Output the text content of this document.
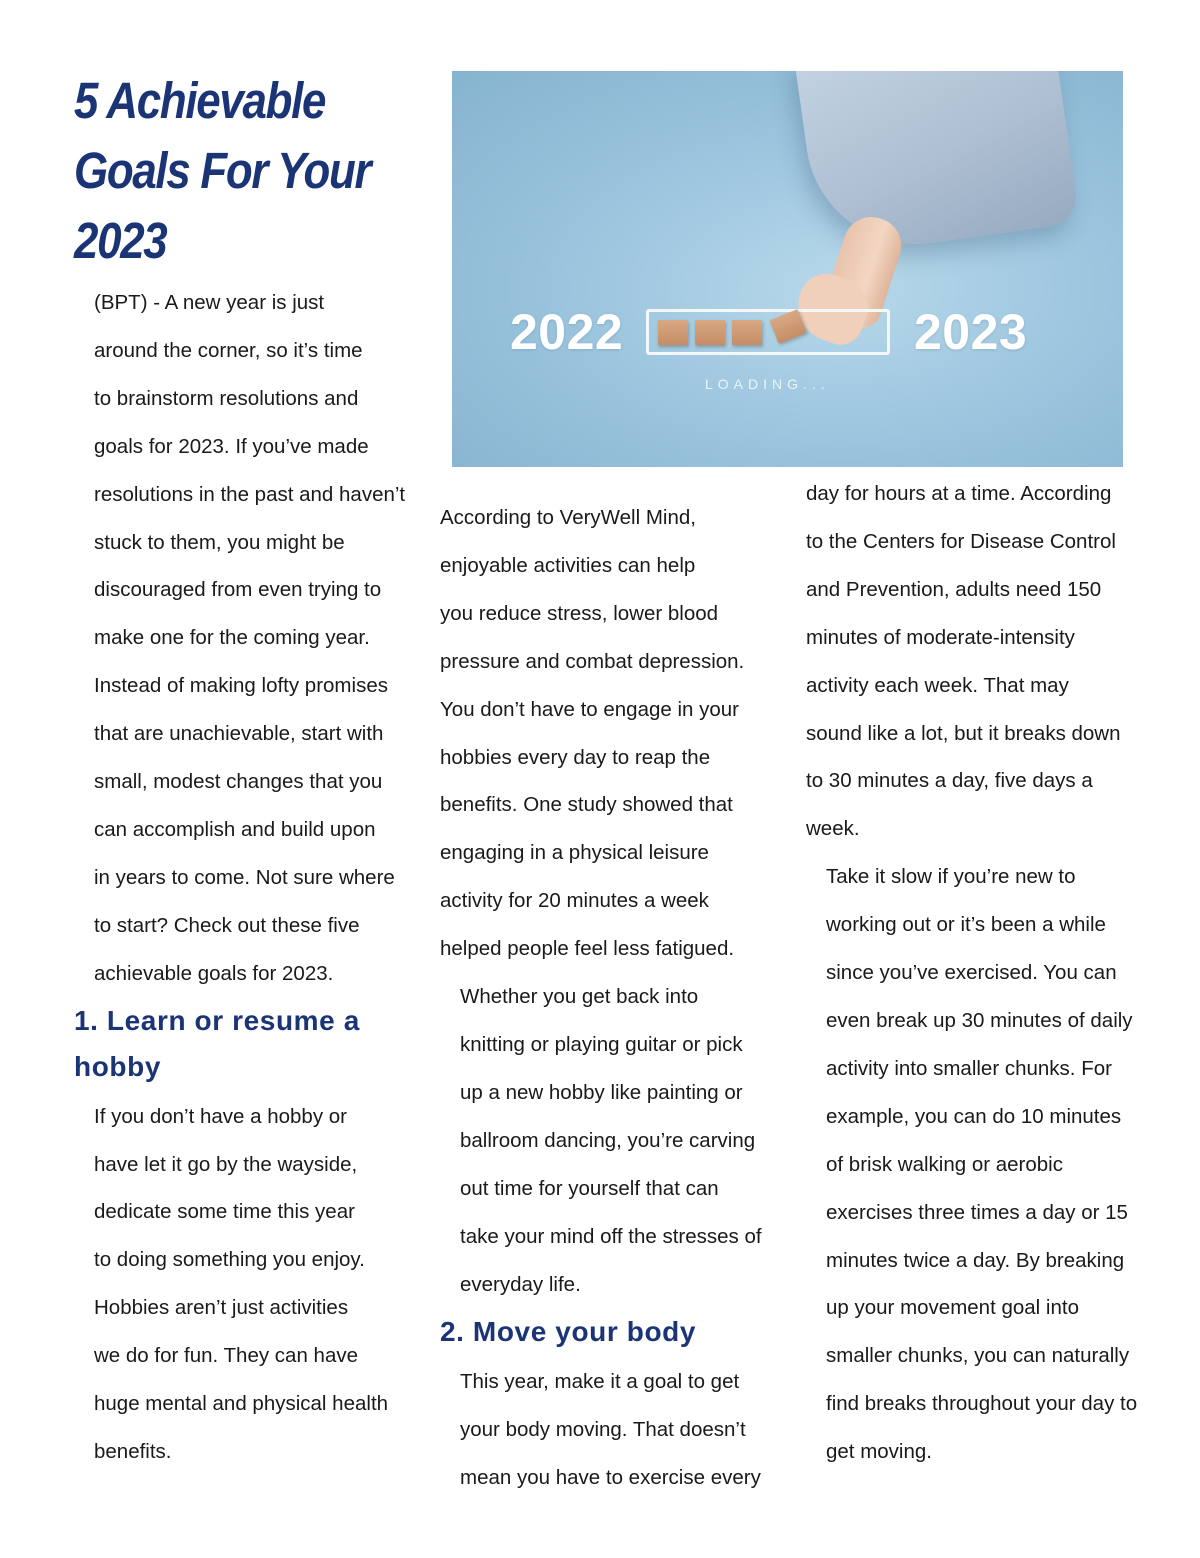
5 Achievable
Goals For Your
2023
2022	2023
LOADING...

(BPT) - A new year is just
around the corner, so it’s time
to brainstorm resolutions and
goals for 2023. If you’ve made
resolutions in the past and haven’t
stuck to them, you might be
discouraged from even trying to
make one for the coming year.

Instead of making lofty promises
that are unachievable, start with
small, modest changes that you
can accomplish and build upon
in years to come. Not sure where
to start? Check out these five
achievable goals for 2023.

1. Learn or resume a
hobby

If you don’t have a hobby or
have let it go by the wayside,
dedicate some time this year
to doing something you enjoy.
Hobbies aren’t just activities
we do for fun. They can have
huge mental and physical health
benefits.

According to VeryWell Mind,
enjoyable activities can help
you reduce stress, lower blood
pressure and combat depression.
You don’t have to engage in your
hobbies every day to reap the
benefits. One study showed that
engaging in a physical leisure
activity for 20 minutes a week
helped people feel less fatigued.

Whether you get back into
knitting or playing guitar or pick
up a new hobby like painting or
ballroom dancing, you’re carving
out time for yourself that can
take your mind off the stresses of
everyday life.

2. Move your body

This year, make it a goal to get
your body moving. That doesn’t
mean you have to exercise every

day for hours at a time. According
to the Centers for Disease Control
and Prevention, adults need 150
minutes of moderate-intensity
activity each week. That may
sound like a lot, but it breaks down
to 30 minutes a day, five days a
week.

Take it slow if you’re new to
working out or it’s been a while
since you’ve exercised. You can
even break up 30 minutes of daily
activity into smaller chunks. For
example, you can do 10 minutes
of brisk walking or aerobic
exercises three times a day or 15
minutes twice a day. By breaking
up your movement goal into
smaller chunks, you can naturally
find breaks throughout your day to
get moving.
